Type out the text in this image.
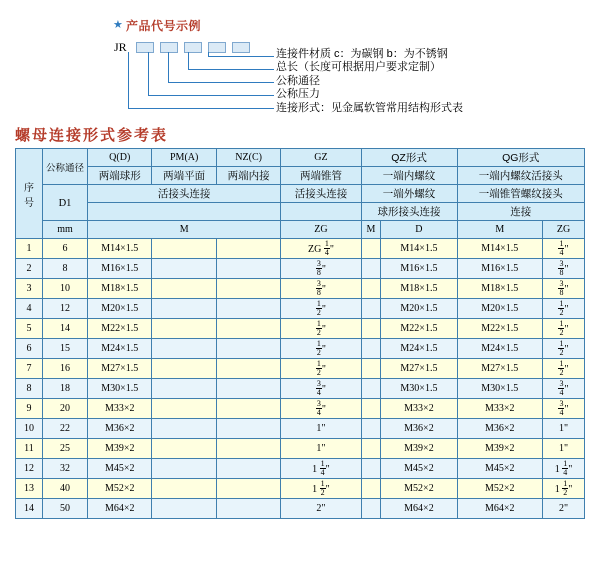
★ 产品代号示例
JR
	连接件材质 c：为碳钢 b：为不锈钢
总长（长度可根据用户要求定制）
公称通径
公称压力
连接形式：见金属软管常用结构形式表
螺母连接形式参考表
序
号	公称通径	Q(D)	PM(A)	NZ(C)	GZ	QZ形式		QG形式	
		两端球形	两端平面	两端内接	两端锥管	一端内螺纹		一端内螺纹活接头	
	D1	活接头连接			活接头连接	一端外螺纹		一端锥管螺纹接头	
						球形接头连接		连接	
	mm	M			ZG	M	D	M	ZG
1	6	M14×1.5			ZG $\frac{1}{4}$ "		M14×1.5	M14×1.5	$\frac{1}{4}$ "
2	8	M16×1.5			$\frac{3}{8}$ "		M16×1.5	M16×1.5	$\frac{3}{8}$ "
3	10	M18×1.5			$\frac{3}{8}$ "		M18×1.5	M18×1.5	$\frac{3}{8}$ "
4	12	M20×1.5			$\frac{1}{2}$ "		M20×1.5	M20×1.5	$\frac{1}{2}$ "
5	14	M22×1.5			$\frac{1}{2}$ "		M22×1.5	M22×1.5	$\frac{1}{2}$ "
6	15	M24×1.5			$\frac{1}{2}$ "		M24×1.5	M24×1.5	$\frac{1}{2}$ "
7	16	M27×1.5			$\frac{1}{2}$ "		M27×1.5	M27×1.5	$\frac{1}{2}$ "
8	18	M30×1.5			$\frac{3}{4}$ "		M30×1.5	M30×1.5	$\frac{3}{4}$ "
9	20	M33×2			$\frac{3}{4}$ "		M33×2	M33×2	$\frac{3}{4}$ "
10	22	M36×2			1"		M36×2	M36×2	1"
11	25	M39×2			1"		M39×2	M39×2	1"
12	32	M45×2			$1 \frac{1}{4}$ "		M45×2	M45×2	$1 \frac{1}{4}$ "
13	40	M52×2			$1 \frac{1}{2}$ "		M52×2	M52×2	$1 \frac{1}{2}$ "
14	50	M64×2			2"		M64×2	M64×2	2"
